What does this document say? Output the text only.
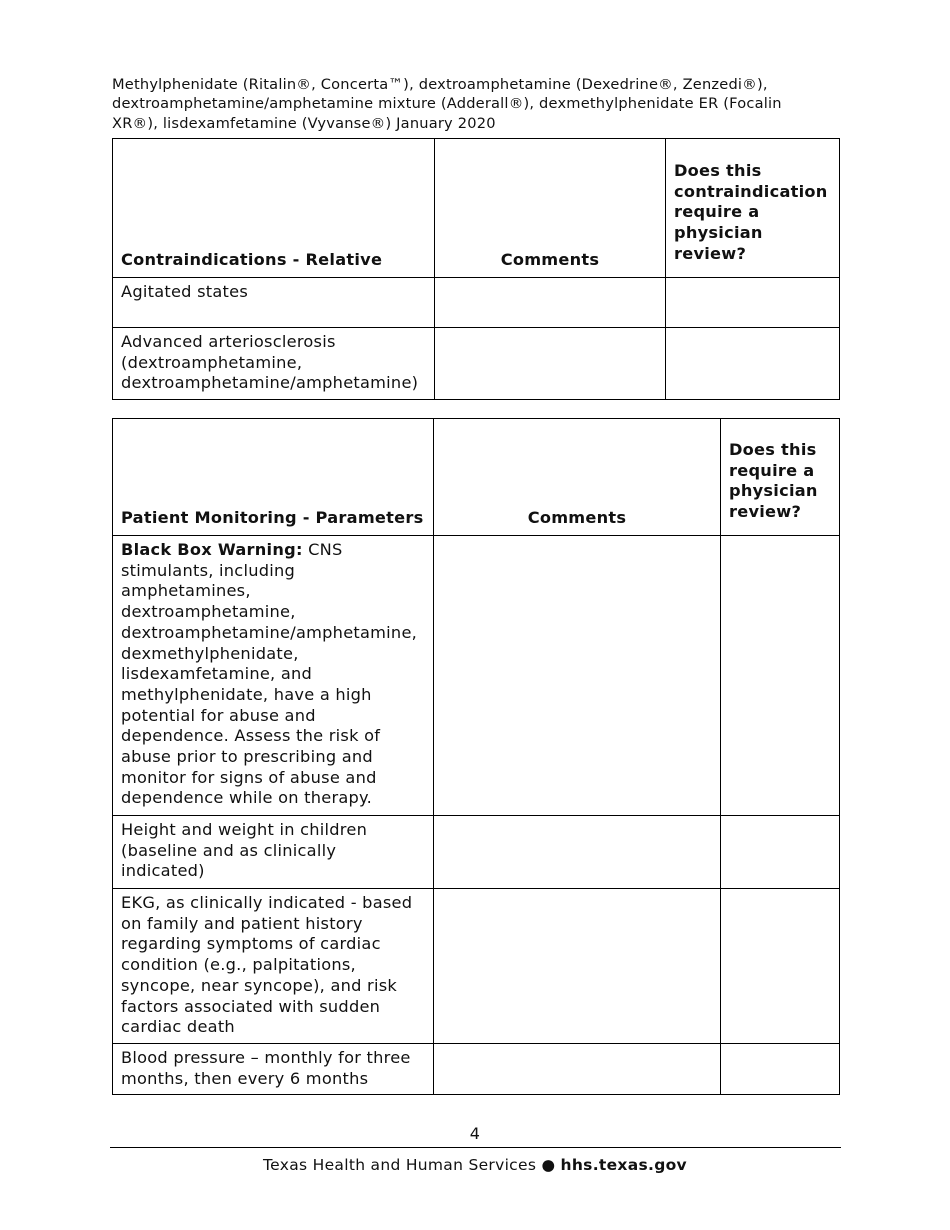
Methylphenidate (Ritalin®, Concerta™), dextroamphetamine (Dexedrine®, Zenzedi®), dextroamphetamine/amphetamine mixture (Adderall®), dexmethylphenidate ER (Focalin XR®), lisdexamfetamine (Vyvanse®) January 2020
Contraindications - Relative	Comments	Does this contraindication require a physician review?
Agitated states		
Advanced arteriosclerosis (dextroamphetamine, dextroamphetamine/amphetamine)		
Patient Monitoring - Parameters	Comments	Does this require a physician review?
Black Box Warning: CNS stimulants, including amphetamines, dextroamphetamine, dextroamphetamine/amphetamine, dexmethylphenidate, lisdexamfetamine, and methylphenidate, have a high potential for abuse and dependence. Assess the risk of abuse prior to prescribing and monitor for signs of abuse and dependence while on therapy.		
Height and weight in children (baseline and as clinically indicated)		
EKG, as clinically indicated - based on family and patient history regarding symptoms of cardiac condition (e.g., palpitations, syncope, near syncope), and risk factors associated with sudden cardiac death		
Blood pressure – monthly for three months, then every 6 months		
4
Texas Health and Human Services ● hhs.texas.gov
